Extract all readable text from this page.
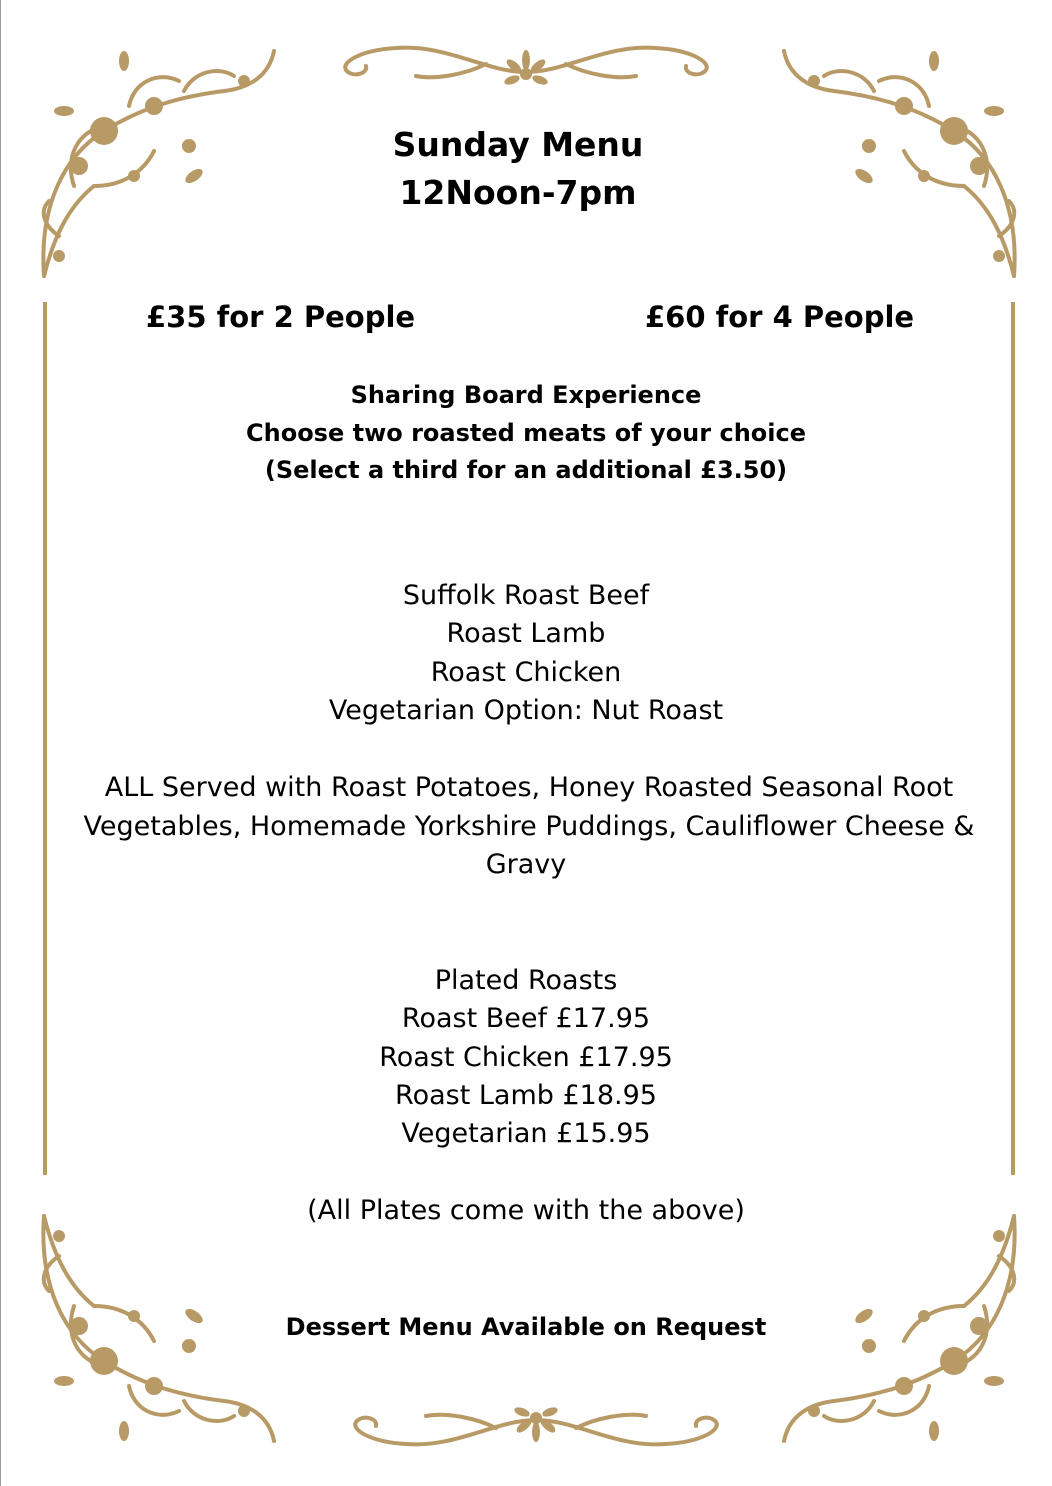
Sunday Menu
12Noon-7pm
£35 for 2 People	£60 for 4 People
Sharing Board Experience
Choose two roasted meats of your choice
(Select a third for an additional £3.50)
Suffolk Roast Beef
Roast Lamb
Roast Chicken
Vegetarian Option: Nut Roast
ALL Served with Roast Potatoes, Honey Roasted Seasonal Root
Vegetables, Homemade Yorkshire Puddings, Cauliflower Cheese &
Gravy
Plated Roasts
Roast Beef £17.95
Roast Chicken £17.95
Roast Lamb £18.95
Vegetarian £15.95
(All Plates come with the above)
Dessert Menu Available on Request
